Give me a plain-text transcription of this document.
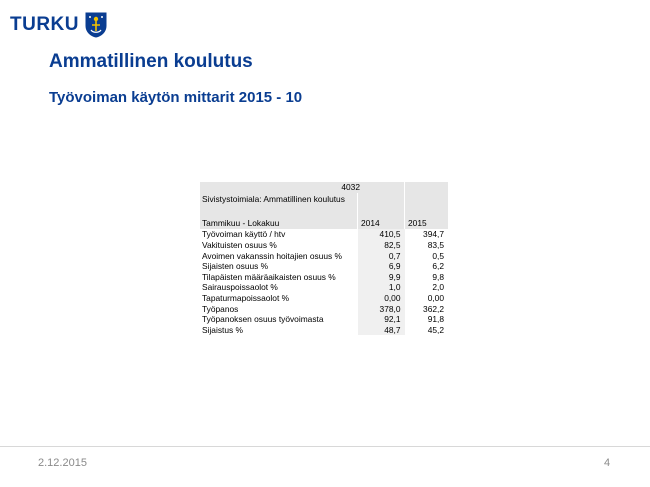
TURKU
Ammatillinen koulutus
Työvoiman käytön mittarit 2015 - 10
4032		
Sivistystoimiala: Ammatillinen koulutus		

Tammikuu - Lokakuu	2014	2015
Työvoiman käyttö / htv	410,5	394,7
Vakituisten osuus %	82,5	83,5
Avoimen vakanssin hoitajien osuus %	0,7	0,5
Sijaisten osuus %	6,9	6,2
Tilapäisten määräaikaisten osuus %	9,9	9,8
Sairauspoissaolot %	1,0	2,0
Tapaturmapoissaolot %	0,00	0,00
Työpanos	378,0	362,2
Työpanoksen osuus työvoimasta	92,1	91,8
Sijaistus %	48,7	45,2
2.12.2015	4
